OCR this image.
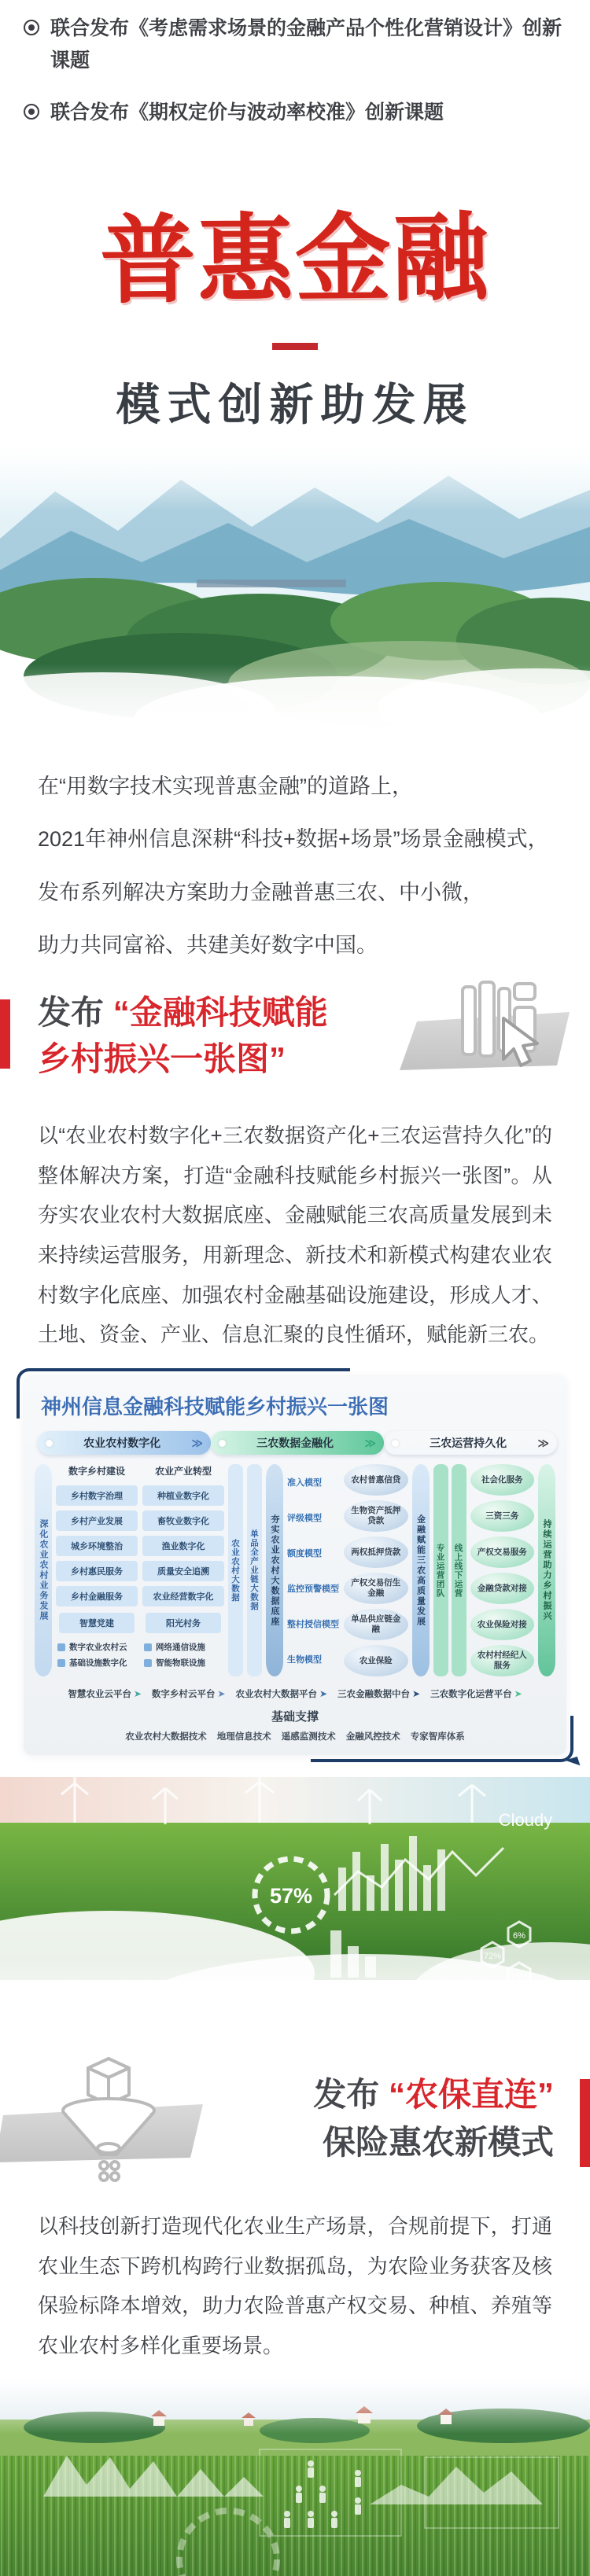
联合发布《考虑需求场景的金融产品个性化营销设计》创新课题
联合发布《期权定价与波动率校准》创新课题
普惠金融
模式创新助发展
在“用数字技术实现普惠金融”的道路上，
2021年神州信息深耕“科技+数据+场景”场景金融模式，
发布系列解决方案助力金融普惠三农、中小微，
助力共同富裕、共建美好数字中国。
发布 “金融科技赋能
乡村振兴一张图”
以“农业农村数字化+三农数据资产化+三农运营持久化”的整体解决方案，打造“金融科技赋能乡村振兴一张图”。从夯实农业农村大数据底座、金融赋能三农高质量发展到未来持续运营服务，用新理念、新技术和新模式构建农业农村数字化底座、加强农村金融基础设施建设，形成人才、土地、资金、产业、信息汇聚的良性循环，赋能新三农。
神州信息金融科技赋能乡村振兴一张图
农业农村数字化	≫	三农数据金融化	≫	三农运营持久化	≫
深化农业农村业务发展
数字乡村建设
乡村数字治理
乡村产业发展
城乡环境整治
乡村惠民服务
乡村金融服务
农业产业转型
种植业数字化
畜牧业数字化
渔业数字化
质量安全追溯
农业经营数字化
智慧党建	阳光村务
数字农业农村云	网络通信设施
基础设施数字化	智能物联设施
农业农村大数据	单品全产业链大数据	夯实农业农村大数据底座
准入模型
评级模型
额度模型
监控预警模型
整村授信模型
生物模型
农村普惠信贷
生物资产抵押贷款
两权抵押贷款
产权交易衍生金融
单品供应链金融
农业保险
金融赋能三农高质量发展	专业运营团队	线上线下运营
社会化服务
三资三务
产权交易服务
金融贷款对接
农业保险对接
农村村经纪人服务
持续运营助力乡村振兴
智慧农业云平台 ➤ 数字乡村云平台 ➤ 农业农村大数据平台 ➤ 三农金融数据中台 ➤ 三农数字化运营平台 ➤
基础支撑
农业农村大数据技术 地理信息技术 遥感监测技术 金融风控技术 专家智库体系
57%
Cloudy
6%
发布 “农保直连”
保险惠农新模式
以科技创新打造现代化农业生产场景，合规前提下，打通农业生态下跨机构跨行业数据孤岛，为农险业务获客及核保验标降本增效，助力农险普惠产权交易、种植、养殖等农业农村多样化重要场景。
